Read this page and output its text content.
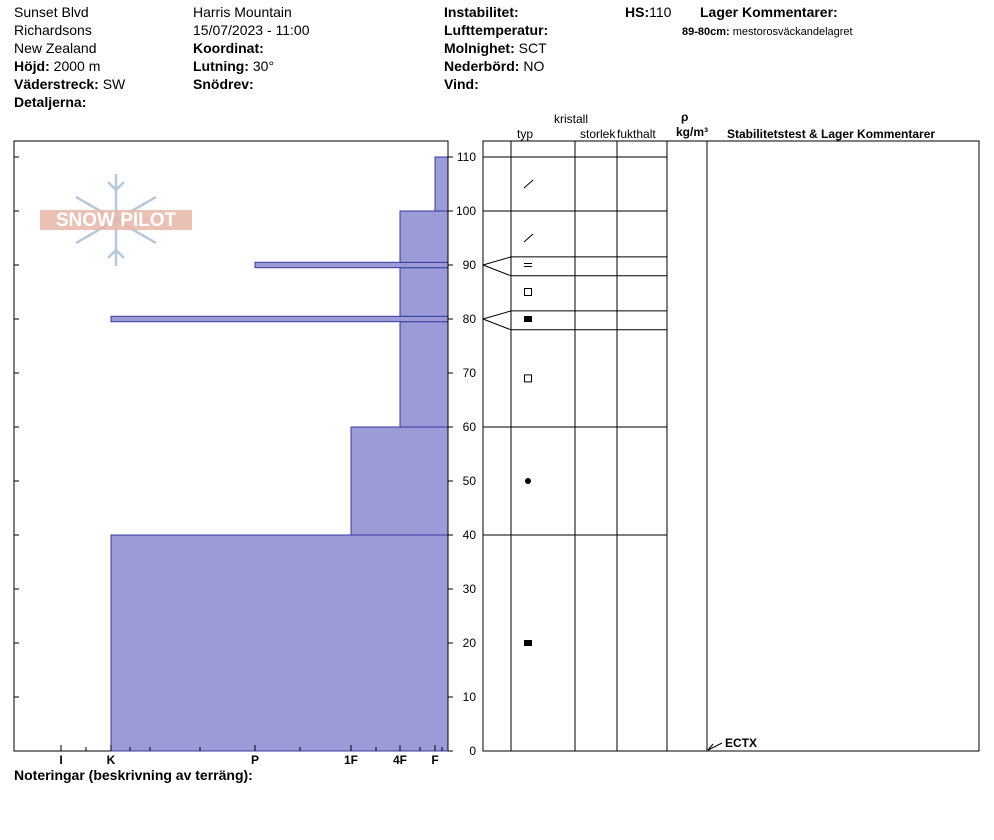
Sunset Blvd
Richardsons
New Zealand
Höjd: 2000 m
Väderstreck: SW
Detaljerna:
Harris Mountain
15/07/2023 - 11:00
Koordinat:
Lutning: 30°
Snödrev:
Instabilitet:
Lufttemperatur:
Molnighet: SCT
Nederbörd: NO
Vind:
HS:110 Lager Kommentarer:
89-80cm: mestorosväckandelagret
kristall
typ	storlek fukthalt
ρ
kg/m³ Stabilitetstest & Lager Kommentarer
Noteringar (beskrivning av terräng):
I	K	P	1F	4F F
0
10
20
30
40
50
60
70
80
90
100
110
ECTX
SNOW PILOT
